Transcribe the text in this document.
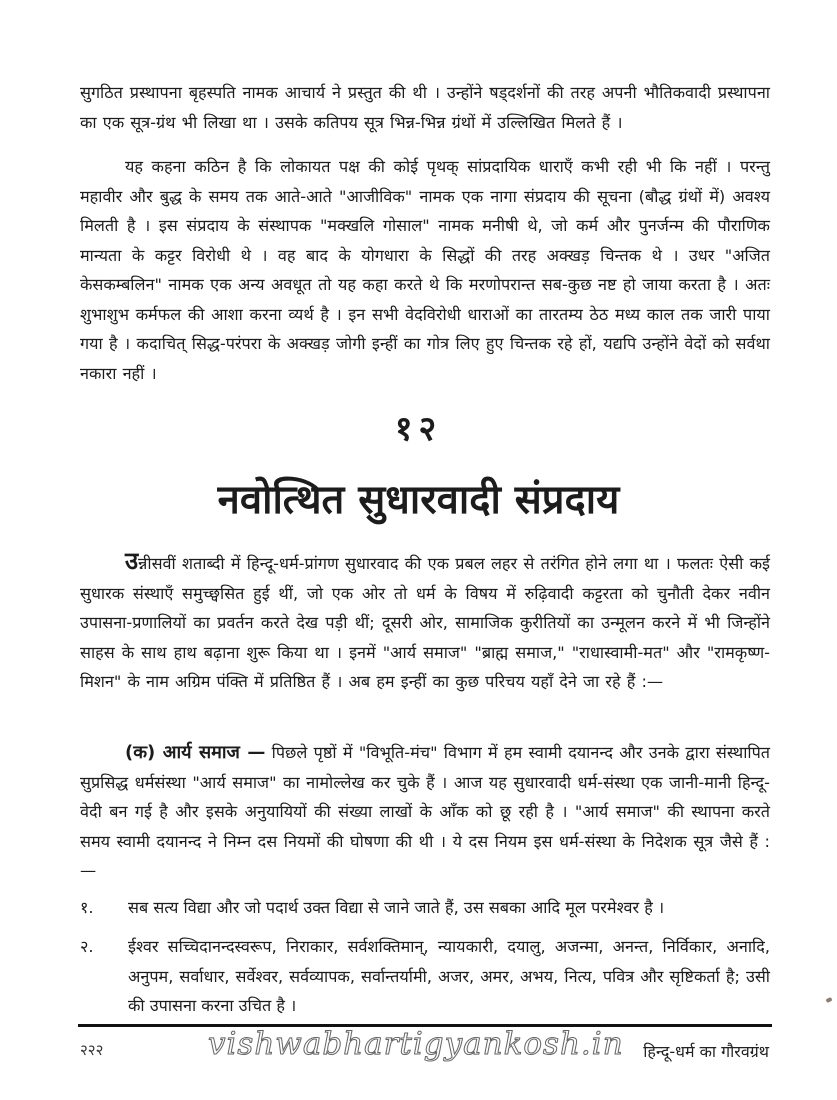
सुगठित प्रस्थापना बृहस्पति नामक आचार्य ने प्रस्तुत की थी । उन्होंने षड्दर्शनों की तरह अपनी भौतिकवादी प्रस्थापना का एक सूत्र-ग्रंथ भी लिखा था । उसके कतिपय सूत्र भिन्न-भिन्न ग्रंथों में उल्लिखित मिलते हैं ।

यह कहना कठिन है कि लोकायत पक्ष की कोई पृथक् सांप्रदायिक धाराएँ कभी रही भी कि नहीं । परन्तु महावीर और बुद्ध के समय तक आते-आते "आजीविक" नामक एक नागा संप्रदाय की सूचना (बौद्ध ग्रंथों में) अवश्य मिलती है । इस संप्रदाय के संस्थापक "मक्खलि गोसाल" नामक मनीषी थे, जो कर्म और पुनर्जन्म की पौराणिक मान्यता के कट्टर विरोधी थे । वह बाद के योगधारा के सिद्धों की तरह अक्खड़ चिन्तक थे । उधर "अजित केसकम्बलिन" नामक एक अन्य अवधूत तो यह कहा करते थे कि मरणोपरान्त सब-कुछ नष्ट हो जाया करता है । अतः शुभाशुभ कर्मफल की आशा करना व्यर्थ है । इन सभी वेदविरोधी धाराओं का तारतम्य ठेठ मध्य काल तक जारी पाया गया है । कदाचित् सिद्ध-परंपरा के अक्खड़ जोगी इन्हीं का गोत्र लिए हुए चिन्तक रहे हों, यद्यपि उन्होंने वेदों को सर्वथा नकारा नहीं ।

१२
नवोत्थित सुधारवादी संप्रदाय

उन्नीसवीं शताब्दी में हिन्दू-धर्म-प्रांगण सुधारवाद की एक प्रबल लहर से तरंगित होने लगा था । फलतः ऐसी कई सुधारक संस्थाएँ समुच्छ्वसित हुई थीं, जो एक ओर तो धर्म के विषय में रुढ़िवादी कट्टरता को चुनौती देकर नवीन उपासना-प्रणालियों का प्रवर्तन करते देख पड़ी थीं; दूसरी ओर, सामाजिक कुरीतियों का उन्मूलन करने में भी जिन्होंने साहस के साथ हाथ बढ़ाना शुरू किया था । इनमें "आर्य समाज" "ब्राह्म समाज," "राधास्वामी-मत" और "रामकृष्ण-मिशन" के नाम अग्रिम पंक्ति में प्रतिष्ठित हैं । अब हम इन्हीं का कुछ परिचय यहाँ देने जा रहे हैं :—

(क) आर्य समाज — पिछले पृष्ठों में "विभूति-मंच" विभाग में हम स्वामी दयानन्द और उनके द्वारा संस्थापित सुप्रसिद्ध धर्मसंस्था "आर्य समाज" का नामोल्लेख कर चुके हैं । आज यह सुधारवादी धर्म-संस्था एक जानी-मानी हिन्दू-वेदी बन गई है और इसके अनुयायियों की संख्या लाखों के आँक को छू रही है । "आर्य समाज" की स्थापना करते समय स्वामी दयानन्द ने निम्न दस नियमों की घोषणा की थी । ये दस नियम इस धर्म-संस्था के निदेशक सूत्र जैसे हैं :—

१.	सब सत्य विद्या और जो पदार्थ उक्त विद्या से जाने जाते हैं, उस सबका आदि मूल परमेश्वर है ।
२.	ईश्वर सच्चिदानन्दस्वरूप, निराकार, सर्वशक्तिमान्, न्यायकारी, दयालु, अजन्मा, अनन्त, निर्विकार, अनादि, अनुपम, सर्वाधार, सर्वेश्वर, सर्वव्यापक, सर्वान्तर्यामी, अजर, अमर, अभय, नित्य, पवित्र और सृष्टिकर्ता है; उसी की उपासना करना उचित है ।
२२२	vishwabhartigyankosh.in हिन्दू-धर्म का गौरवग्रंथ
